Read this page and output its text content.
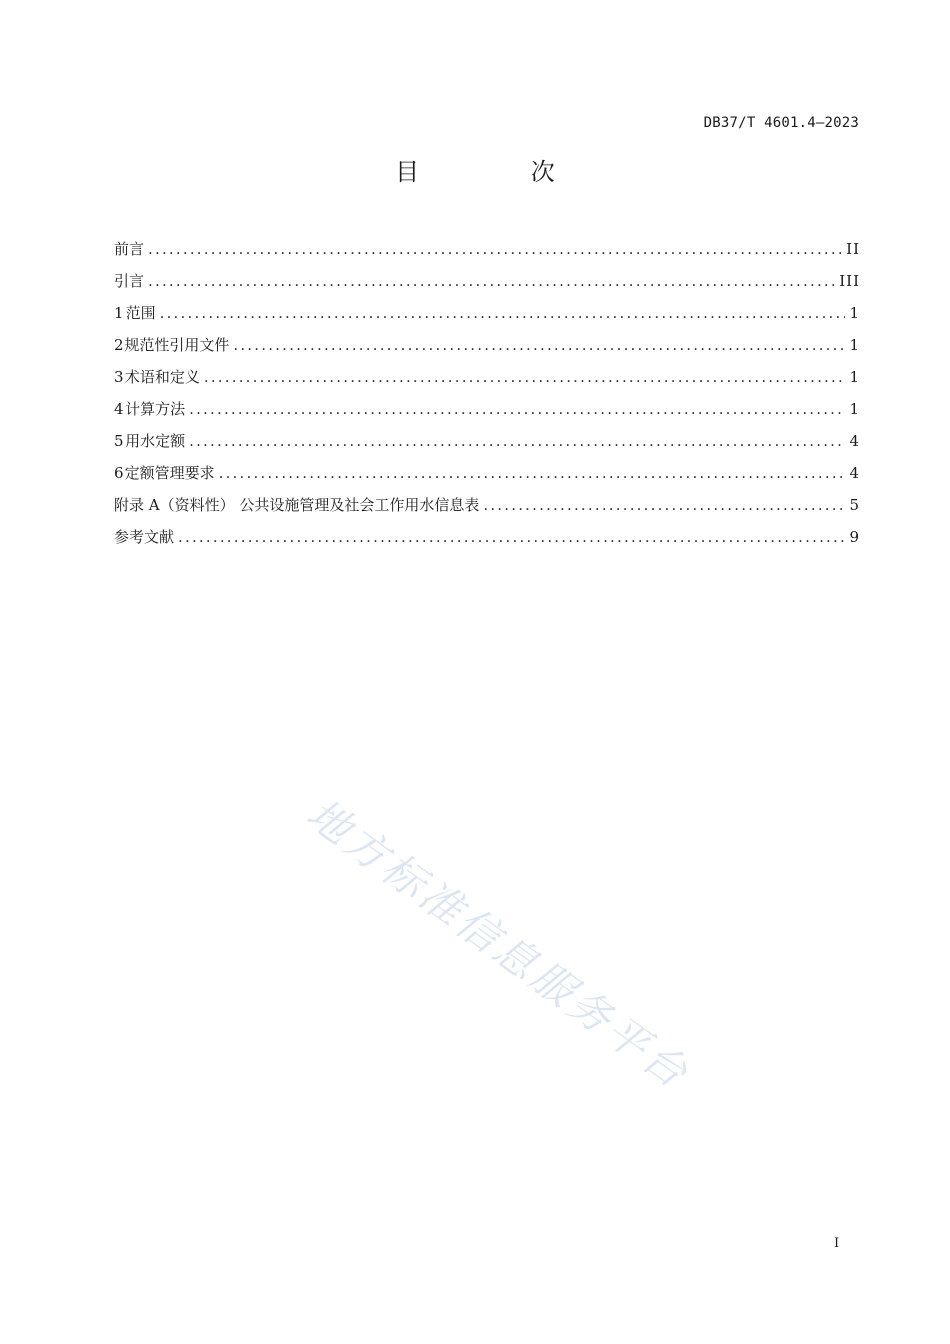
DB37/T 4601.4—2023
目 次
前言 .....	II
引言 .....	III
1 范围 .....	1
2 规范性引用文件 .....	1
3 术语和定义 .....	1
4 计算方法 .....	1
5 用水定额 .....	4
6 定额管理要求 .....	4
附录 A（资料性） 公共设施管理及社会工作用水信息表 .....	5
参考文献 .....	9
地方标准信息服务平台
I
